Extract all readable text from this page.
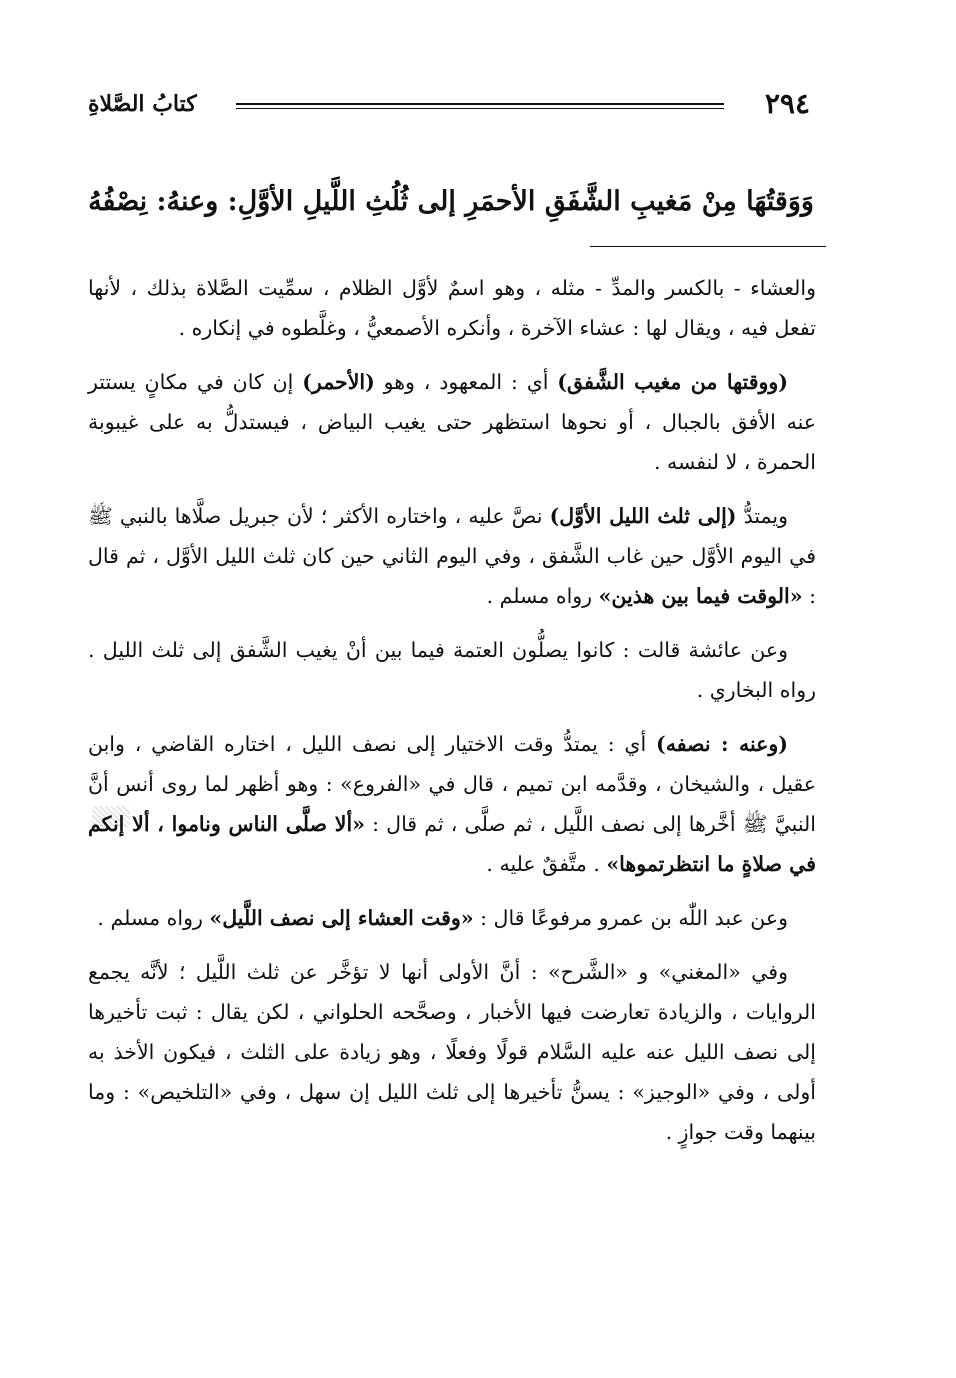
٢٩٤
كتابُ الصَّلاةِ
وَوَقتُهَا مِنْ مَغيبِ الشَّفَقِ الأحمَرِ إلى ثُلُثِ اللَّيلِ الأوَّلِ: وعنهُ: نِصْفُهُ

والعشاء - بالكسر والمدِّ - مثله ، وهو اسمٌ لأوَّل الظلام ، سمِّيت الصَّلاة بذلك ، لأنها تفعل فيه ، ويقال لها : عشاء الآخرة ، وأنكره الأصمعيُّ ، وغلَّطوه في إنكاره .

(ووقتها من مغيب الشَّفق) أي : المعهود ، وهو (الأحمر) إن كان في مكانٍ يستتر عنه الأفق بالجبال ، أو نحوها استظهر حتى يغيب البياض ، فيستدلُّ به على غيبوبة الحمرة ، لا لنفسه .

ويمتدُّ (إلى ثلث الليل الأوَّل) نصَّ عليه ، واختاره الأكثر ؛ لأن جبريل صلَّاها بالنبي ﷺ في اليوم الأوَّل حين غاب الشَّفق ، وفي اليوم الثاني حين كان ثلث الليل الأوَّل ، ثم قال : «الوقت فيما بين هذين» رواه مسلم .

وعن عائشة قالت : كانوا يصلُّون العتمة فيما بين أنْ يغيب الشَّفق إلى ثلث الليل . رواه البخاري .

(وعنه : نصفه) أي : يمتدُّ وقت الاختيار إلى نصف الليل ، اختاره القاضي ، وابن عقيل ، والشيخان ، وقدَّمه ابن تميم ، قال في «الفروع» : وهو أظهر لما روى أنس أنَّ النبيَّ ﷺ أخَّرها إلى نصف اللَّيل ، ثم صلَّى ، ثم قال : «ألا صلَّى الناس وناموا ، ألا إنكم في صلاةٍ ما انتظرتموها» . متَّفقٌ عليه .

وعن عبد اللّٰه بن عمرو مرفوعًا قال : «وقت العشاء إلى نصف اللَّيل» رواه مسلم .

وفي «المغني» و «الشَّرح» : أنَّ الأولى أنها لا تؤخَّر عن ثلث اللَّيل ؛ لأنَّه يجمع الروايات ، والزيادة تعارضت فيها الأخبار ، وصحَّحه الحلواني ، لكن يقال : ثبت تأخيرها إلى نصف الليل عنه عليه السَّلام قولًا وفعلًا ، وهو زيادة على الثلث ، فيكون الأخذ به أولى ، وفي «الوجيز» : يسنُّ تأخيرها إلى ثلث الليل إن سهل ، وفي «التلخيص» : وما بينهما وقت جوازٍ .
